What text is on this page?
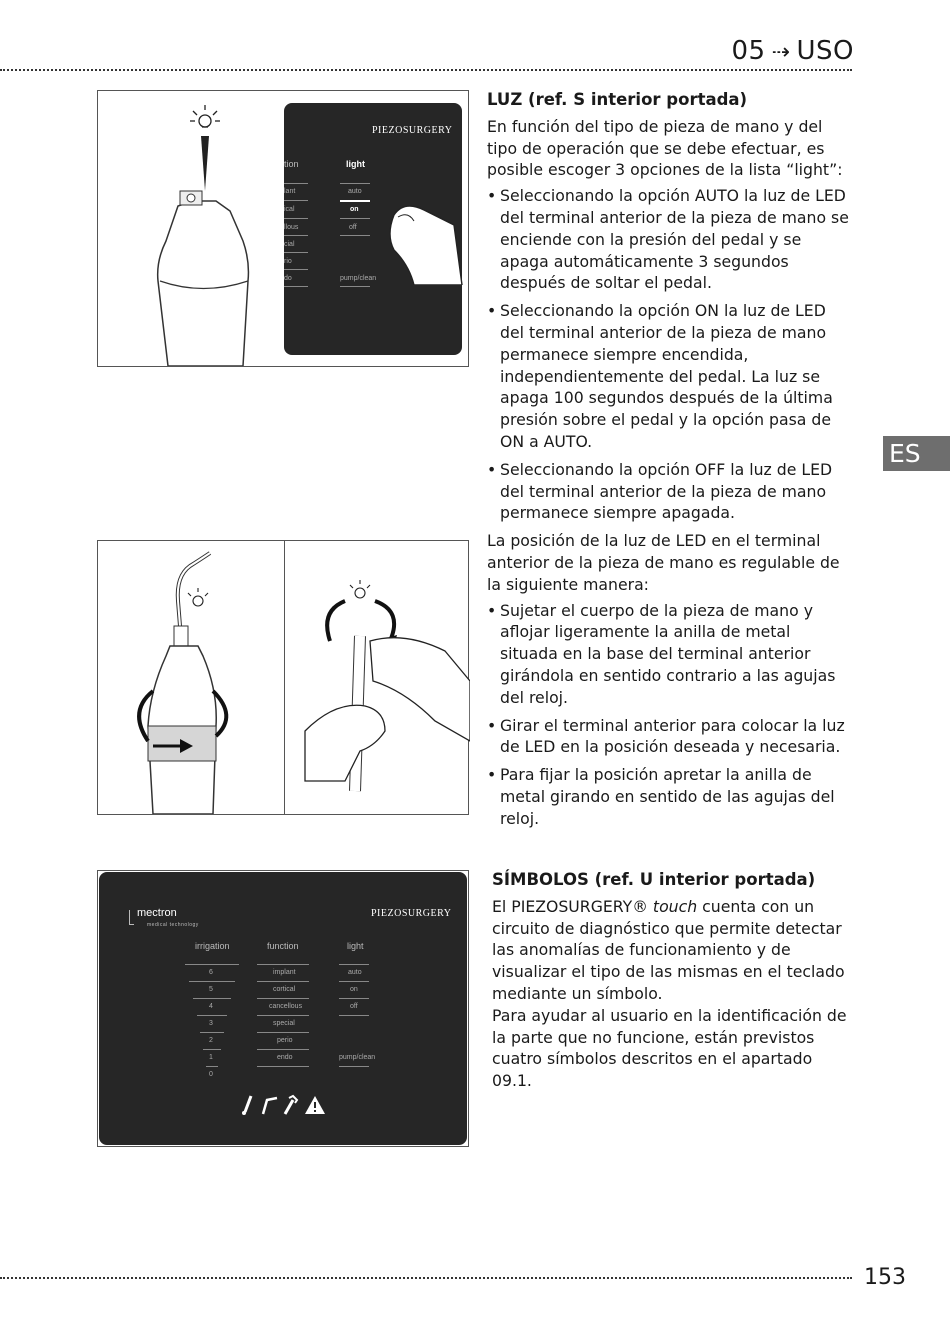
05 ⇢ USO
ES
PIEZOSURGERY
tion	light
lant
ical
llous
cial
rio
do
auto
on
off
pump/clean
mectron
medical technology
PIEZOSURGERY
irrigation	function	light
6
5
4
3
2
1
0
implant
cortical
cancellous
special
perio
endo
auto
on
off
pump/clean
LUZ (ref. S interior portada)

En función del tipo de pieza de mano y del tipo de operación que se debe efectuar, es posible escoger 3 opciones de la lista “light”:

• Seleccionando la opción AUTO la luz de LED del terminal anterior de la pieza de mano se enciende con la presión del pedal y se apaga automáticamente 3 segundos después de soltar el pedal.
• Seleccionando la opción ON la luz de LED del terminal anterior de la pieza de mano permanece siempre encendida, independientemente del pedal. La luz se apaga 100 segundos después de la última presión sobre el pedal y la opción pasa de ON a AUTO.
• Seleccionando la opción OFF la luz de LED del terminal anterior de la pieza de mano permanece siempre apagada.

La posición de la luz de LED en el terminal anterior de la pieza de mano es regulable de la siguiente manera:

• Sujetar el cuerpo de la pieza de mano y aflojar ligeramente la anilla de metal situada en la base del terminal anterior girándola en sentido contrario a las agujas del reloj.
• Girar el terminal anterior para colocar la luz de LED en la posición deseada y necesaria.
• Para fijar la posición apretar la anilla de metal girando en sentido de las agujas del reloj.
SÍMBOLOS (ref. U interior portada)

El PIEZOSURGERY® touch cuenta con un circuito de diagnóstico que permite detectar las anomalías de funcionamiento y de visualizar el tipo de las mismas en el teclado mediante un símbolo.

Para ayudar al usuario en la identificación de la parte que no funcione, están previstos cuatro símbolos descritos en el apartado 09.1.

153
